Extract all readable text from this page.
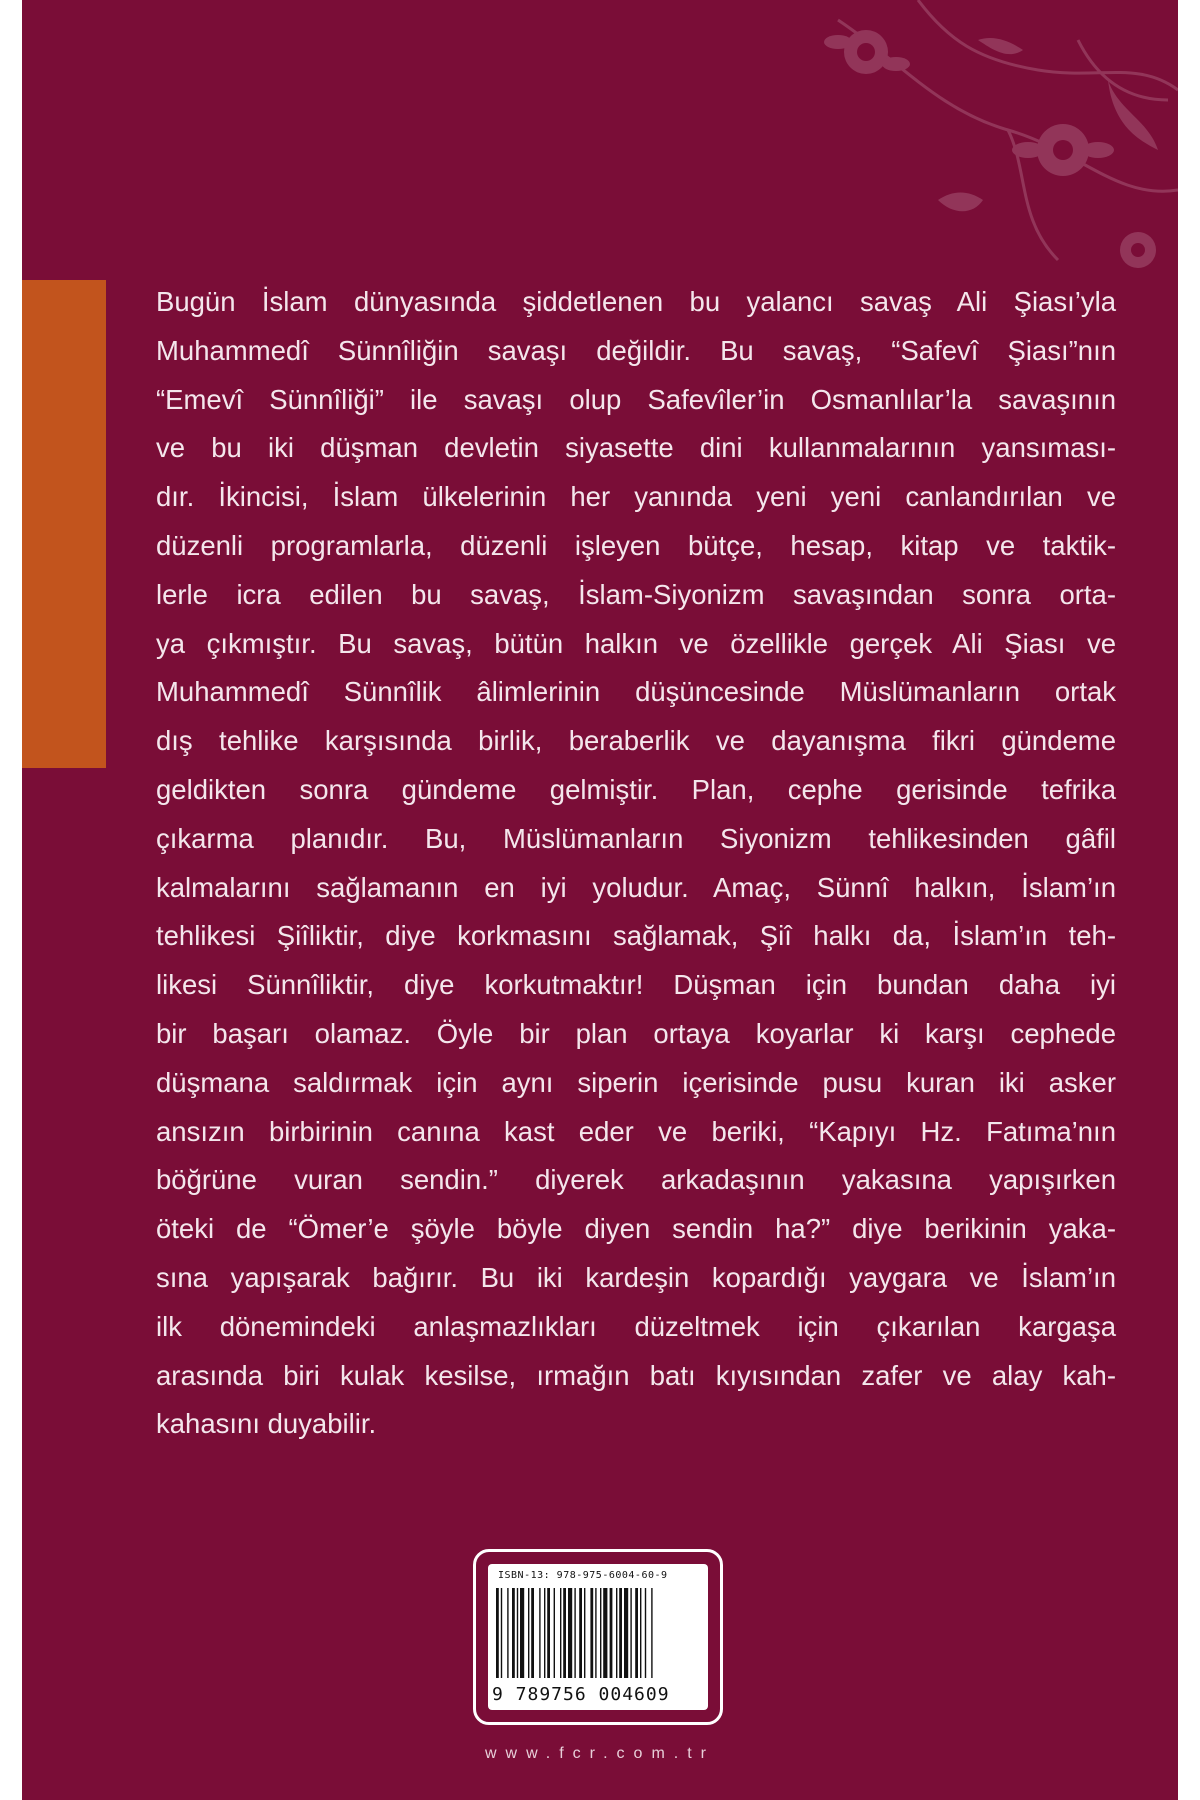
Bugün İslam dünyasında şiddetlenen bu yalancı savaş Ali Şiası’yla
Muhammedî Sünnîliğin savaşı değildir. Bu savaş, “Safevî Şiası”nın
“Emevî Sünnîliği” ile savaşı olup Safevîler’in Osmanlılar’la savaşının
ve bu iki düşman devletin siyasette dini kullanmalarının yansıması-
dır. İkincisi, İslam ülkelerinin her yanında yeni yeni canlandırılan ve
düzenli programlarla, düzenli işleyen bütçe, hesap, kitap ve taktik-
lerle icra edilen bu savaş, İslam-Siyonizm savaşından sonra orta-
ya çıkmıştır. Bu savaş, bütün halkın ve özellikle gerçek Ali Şiası ve
Muhammedî Sünnîlik âlimlerinin düşüncesinde Müslümanların ortak
dış tehlike karşısında birlik, beraberlik ve dayanışma fikri gündeme
geldikten sonra gündeme gelmiştir. Plan, cephe gerisinde tefrika
çıkarma planıdır. Bu, Müslümanların Siyonizm tehlikesinden gâfil
kalmalarını sağlamanın en iyi yoludur. Amaç, Sünnî halkın, İslam’ın
tehlikesi Şiîliktir, diye korkmasını sağlamak, Şiî halkı da, İslam’ın teh-
likesi Sünnîliktir, diye korkutmaktır! Düşman için bundan daha iyi
bir başarı olamaz. Öyle bir plan ortaya koyarlar ki karşı cephede
düşmana saldırmak için aynı siperin içerisinde pusu kuran iki asker
ansızın birbirinin canına kast eder ve beriki, “Kapıyı Hz. Fatıma’nın
böğrüne vuran sendin.” diyerek arkadaşının yakasına yapışırken
öteki de “Ömer’e şöyle böyle diyen sendin ha?” diye berikinin yaka-
sına yapışarak bağırır. Bu iki kardeşin kopardığı yaygara ve İslam’ın
ilk dönemindeki anlaşmazlıkları düzeltmek için çıkarılan kargaşa
arasında biri kulak kesilse, ırmağın batı kıyısından zafer ve alay kah-
kahasını duyabilir.
ISBN-13: 978-975-6004-60-9
9 789756 004609
www.fcr.com.tr
